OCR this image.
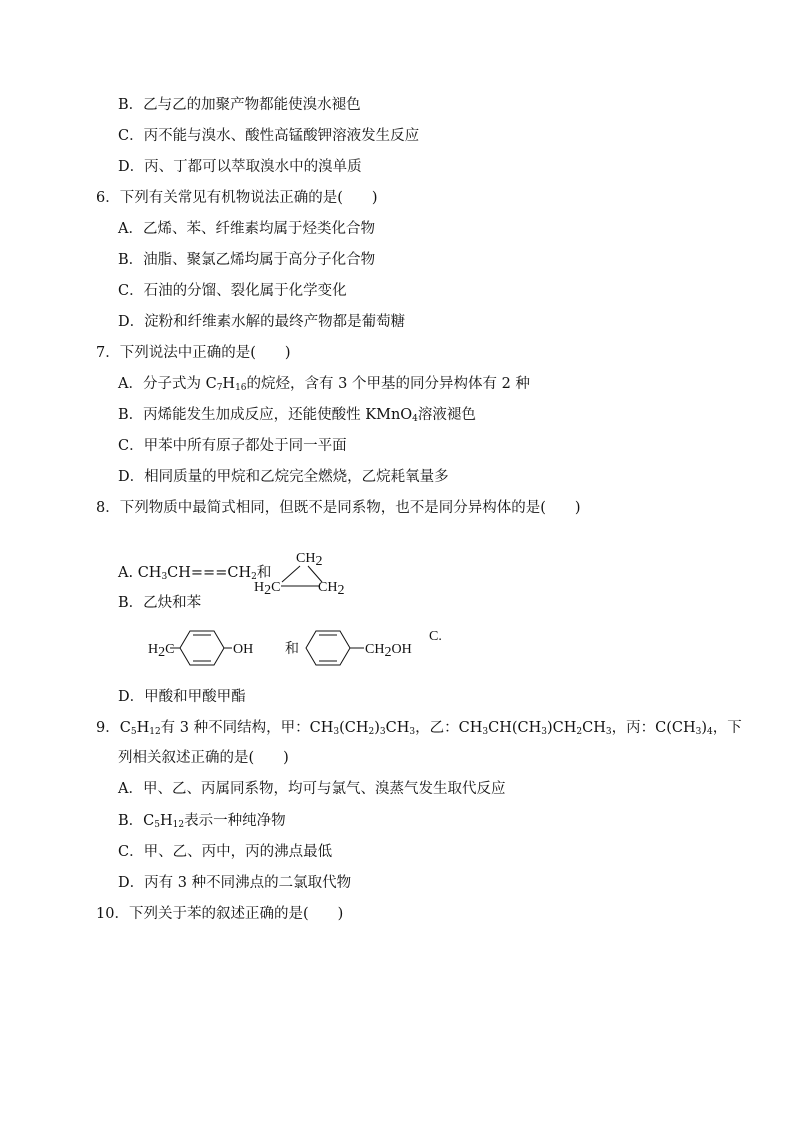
B．乙与乙的加聚产物都能使溴水褪色
C．丙不能与溴水、酸性高锰酸钾溶液发生反应
D．丙、丁都可以萃取溴水中的溴单质
6．下列有关常见有机物说法正确的是(　　)
A．乙烯、苯、纤维素均属于烃类化合物
B．油脂、聚氯乙烯均属于高分子化合物
C．石油的分馏、裂化属于化学变化
D．淀粉和纤维素水解的最终产物都是葡萄糖
7．下列说法中正确的是(　　)
A．分子式为 $C_7H_{16}$的烷烃，含有 3 个甲基的同分异构体有 2 种
B．丙烯能发生加成反应，还能使酸性 KMnO$_4$溶液褪色
C．甲苯中所有原子都处于同一平面
D．相同质量的甲烷和乙烷完全燃烧，乙烷耗氧量多
8．下列物质中最简式相同，但既不是同系物，也不是同分异构体的是(　　)
A. $CH_3CH===CH_2$和
CH2
H2C	CH2
B．乙炔和苯
H2C	OH 和	CH2OH
C.
D．甲酸和甲酸甲酯
9．$C_5H_{12}$有 3 种不同结构，甲：$CH_3(CH_2)_3CH_3$，乙：$CH_3CH(CH_3)CH_2CH_3$，丙：$C(CH_3)_4$，下
列相关叙述正确的是(　　)
A．甲、乙、丙属同系物，均可与氯气、溴蒸气发生取代反应
B．$C_5H_{12}$表示一种纯净物
C．甲、乙、丙中，丙的沸点最低
D．丙有 3 种不同沸点的二氯取代物
10．下列关于苯的叙述正确的是(　　)
